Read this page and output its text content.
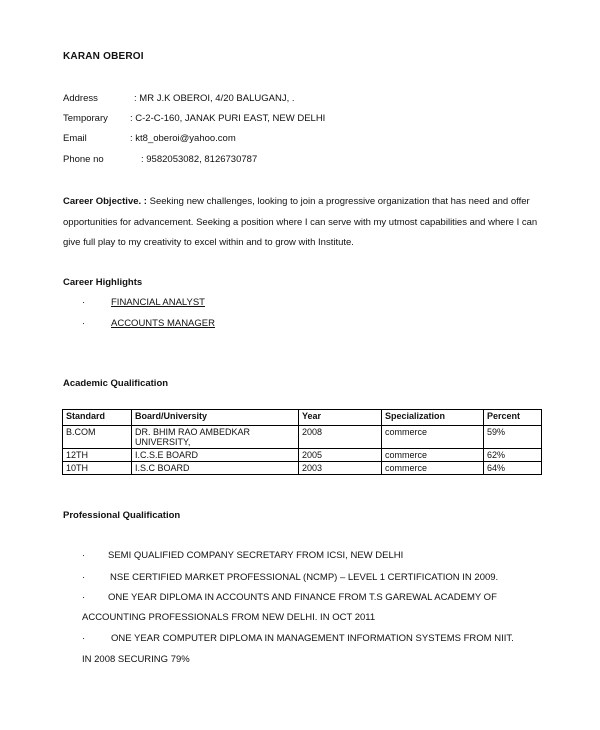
KARAN OBEROI
Address	: MR J.K OBEROI, 4/20 BALUGANJ, .
Temporary : C-2-C-160, JANAK PURI EAST, NEW DELHI
Email	: kt8_oberoi@yahoo.com
Phone no	: 9582053082, 8126730787
Career Objective. : Seeking new challenges, looking to join a progressive organization that has need and offer opportunities for advancement. Seeking a position where I can serve with my utmost capabilities and where I can give full play to my creativity to excel within and to grow with Institute.
Career Highlights
·	FINANCIAL ANALYST
·	ACCOUNTS MANAGER
Academic Qualification
Standard	Board/University	Year	Specialization	Percent
B.COM	DR. BHIM RAO AMBEDKAR UNIVERSITY,	2008	commerce	59%
12TH	I.C.S.E BOARD	2005	commerce	62%
10TH	I.S.C BOARD	2003	commerce	64%
Professional Qualification
· SEMI QUALIFIED COMPANY SECRETARY FROM ICSI, NEW DELHI
·	NSE CERTIFIED MARKET PROFESSIONAL (NCMP) – LEVEL 1 CERTIFICATION IN 2009.
· ONE YEAR DIPLOMA IN ACCOUNTS AND FINANCE FROM T.S GAREWAL ACADEMY OF
ACCOUNTING PROFESSIONALS FROM NEW DELHI. IN OCT 2011
·	ONE YEAR COMPUTER DIPLOMA IN MANAGEMENT INFORMATION SYSTEMS FROM NIIT.
IN 2008 SECURING 79%
